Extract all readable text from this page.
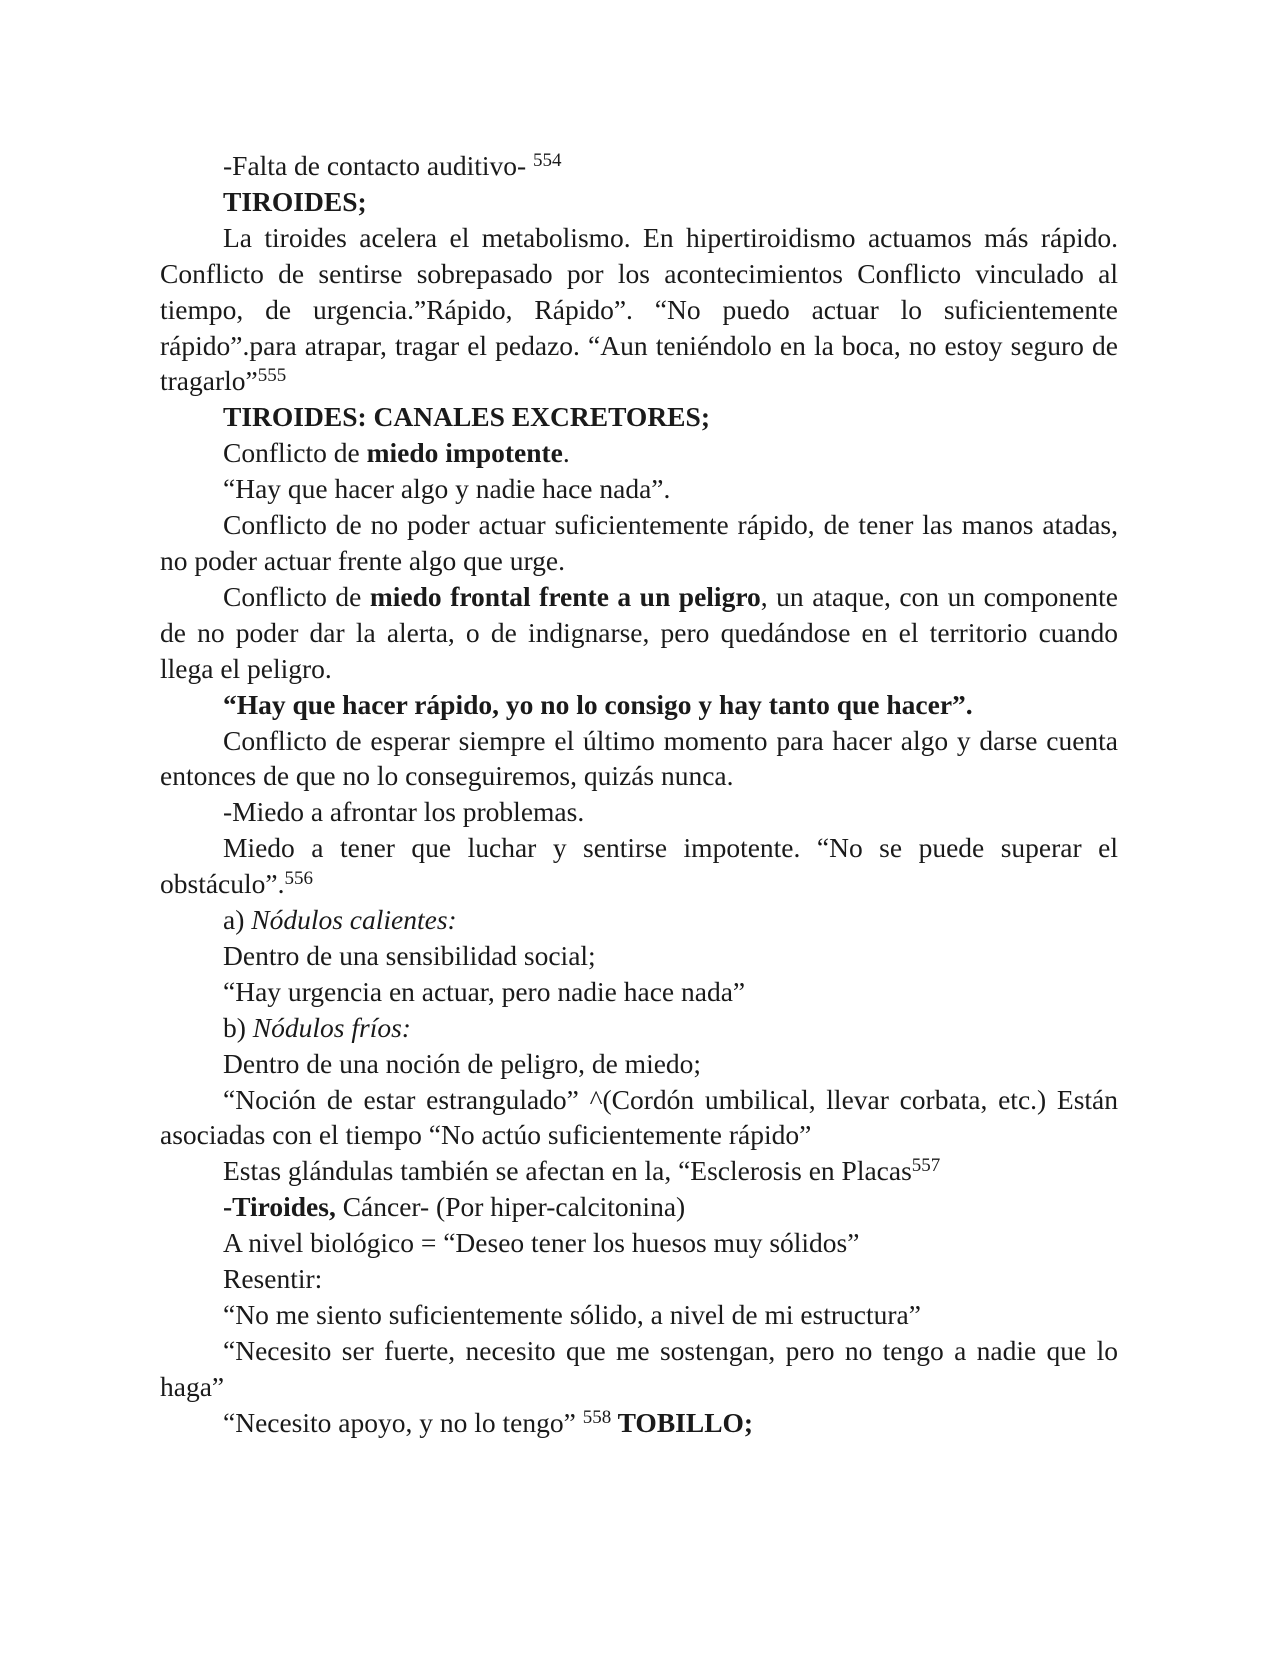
-Falta de contacto auditivo- $^{554}$

TIROIDES;

La tiroides acelera el metabolismo. En hipertiroidismo actuamos más rápido. Conflicto de sentirse sobrepasado por los acontecimientos Conflicto vinculado al tiempo, de urgencia.”Rápido, Rápido”. “No puedo actuar lo suficientemente rápido”.para atrapar, tragar el pedazo. “Aun teniéndolo en la boca, no estoy seguro de tragarlo”$^{555}$

TIROIDES: CANALES EXCRETORES;

Conflicto de miedo impotente.

“Hay que hacer algo y nadie hace nada”.

Conflicto de no poder actuar suficientemente rápido, de tener las manos atadas, no poder actuar frente algo que urge.

Conflicto de miedo frontal frente a un peligro, un ataque, con un componente de no poder dar la alerta, o de indignarse, pero quedándose en el territorio cuando llega el peligro.

“Hay que hacer rápido, yo no lo consigo y hay tanto que hacer”.

Conflicto de esperar siempre el último momento para hacer algo y darse cuenta entonces de que no lo conseguiremos, quizás nunca.

-Miedo a afrontar los problemas.

Miedo a tener que luchar y sentirse impotente. “No se puede superar el obstáculo”.$^{556}$

a) Nódulos calientes:

Dentro de una sensibilidad social;

“Hay urgencia en actuar, pero nadie hace nada”

b) Nódulos fríos:

Dentro de una noción de peligro, de miedo;

“Noción de estar estrangulado” ^(Cordón umbilical, llevar corbata, etc.) Están asociadas con el tiempo “No actúo suficientemente rápido”

Estas glándulas también se afectan en la, “Esclerosis en Placas$^{557}$

-Tiroides, Cáncer- (Por hiper-calcitonina)

A nivel biológico = “Deseo tener los huesos muy sólidos”

Resentir:

“No me siento suficientemente sólido, a nivel de mi estructura”

“Necesito ser fuerte, necesito que me sostengan, pero no tengo a nadie que lo haga”

“Necesito apoyo, y no lo tengo” $^{558}$ TOBILLO;
